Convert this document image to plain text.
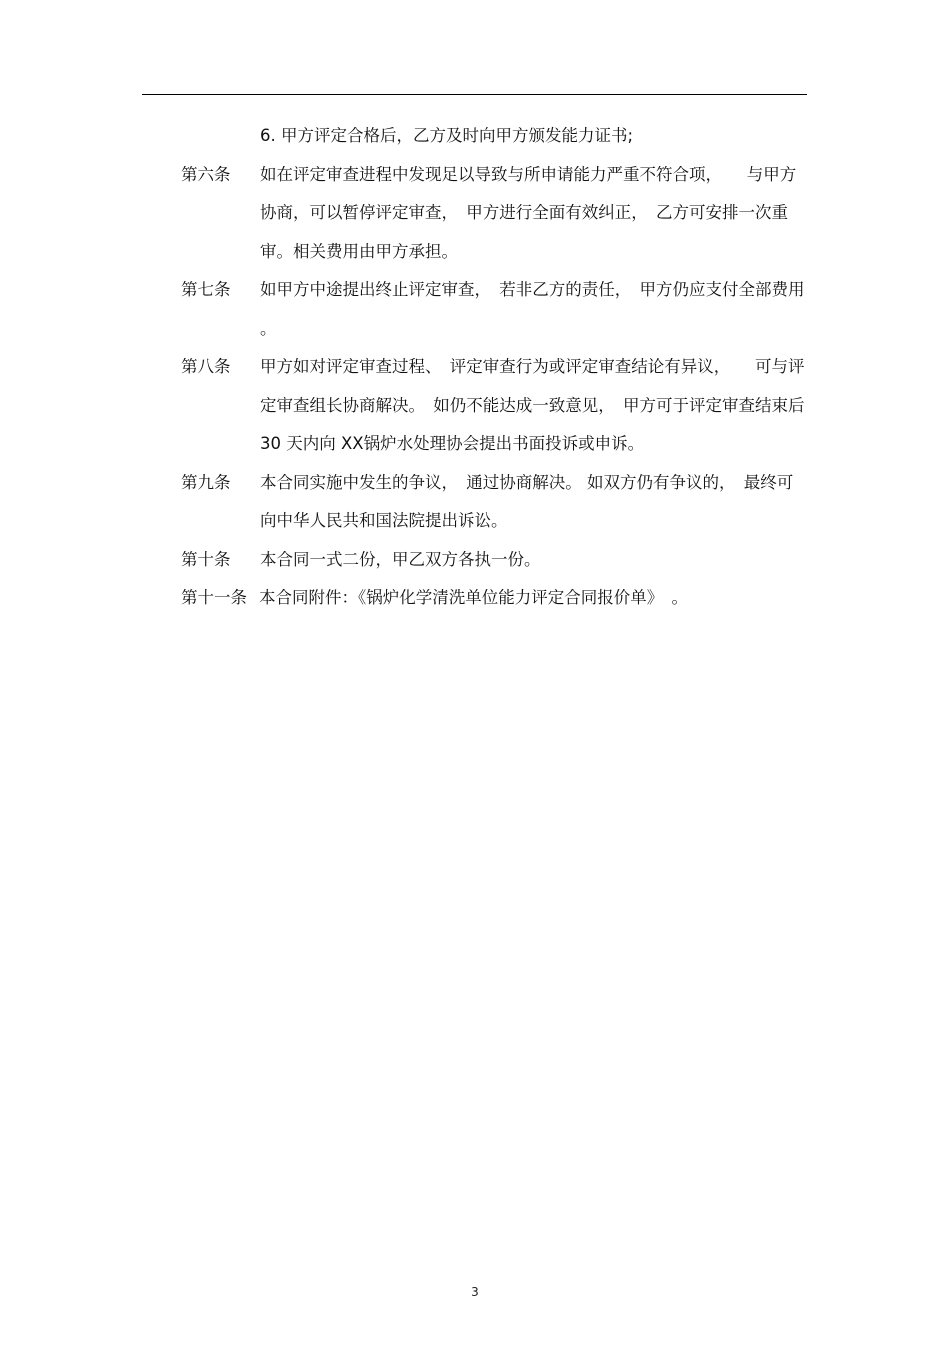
6. 甲方评定合格后，乙方及时向甲方颁发能力证书;
第六条	如在评定审查进程中发现足以导致与所申请能力严重不符合项，　　与甲方协商，可以暂停评定审查，　甲方进行全面有效纠正，　乙方可安排一次重审。相关费用由甲方承担。
第七条	如甲方中途提出终止评定审查，　若非乙方的责任，　甲方仍应支付全部费用 。
第八条	甲方如对评定审查过程、　评定审查行为或评定审查结论有异议，　　可与评定审查组长协商解决。　如仍不能达成一致意见，　甲方可于评定审查结束后　30 天内向 XX锅炉水处理协会提出书面投诉或申诉。
第九条	本合同实施中发生的争议，　通过协商解决。 如双方仍有争议的，　最终可向中华人民共和国法院提出诉讼。
第十条	本合同一式二份，甲乙双方各执一份。
第十一条 本合同附件：《锅炉化学清洗单位能力评定合同报价单》　。
3
